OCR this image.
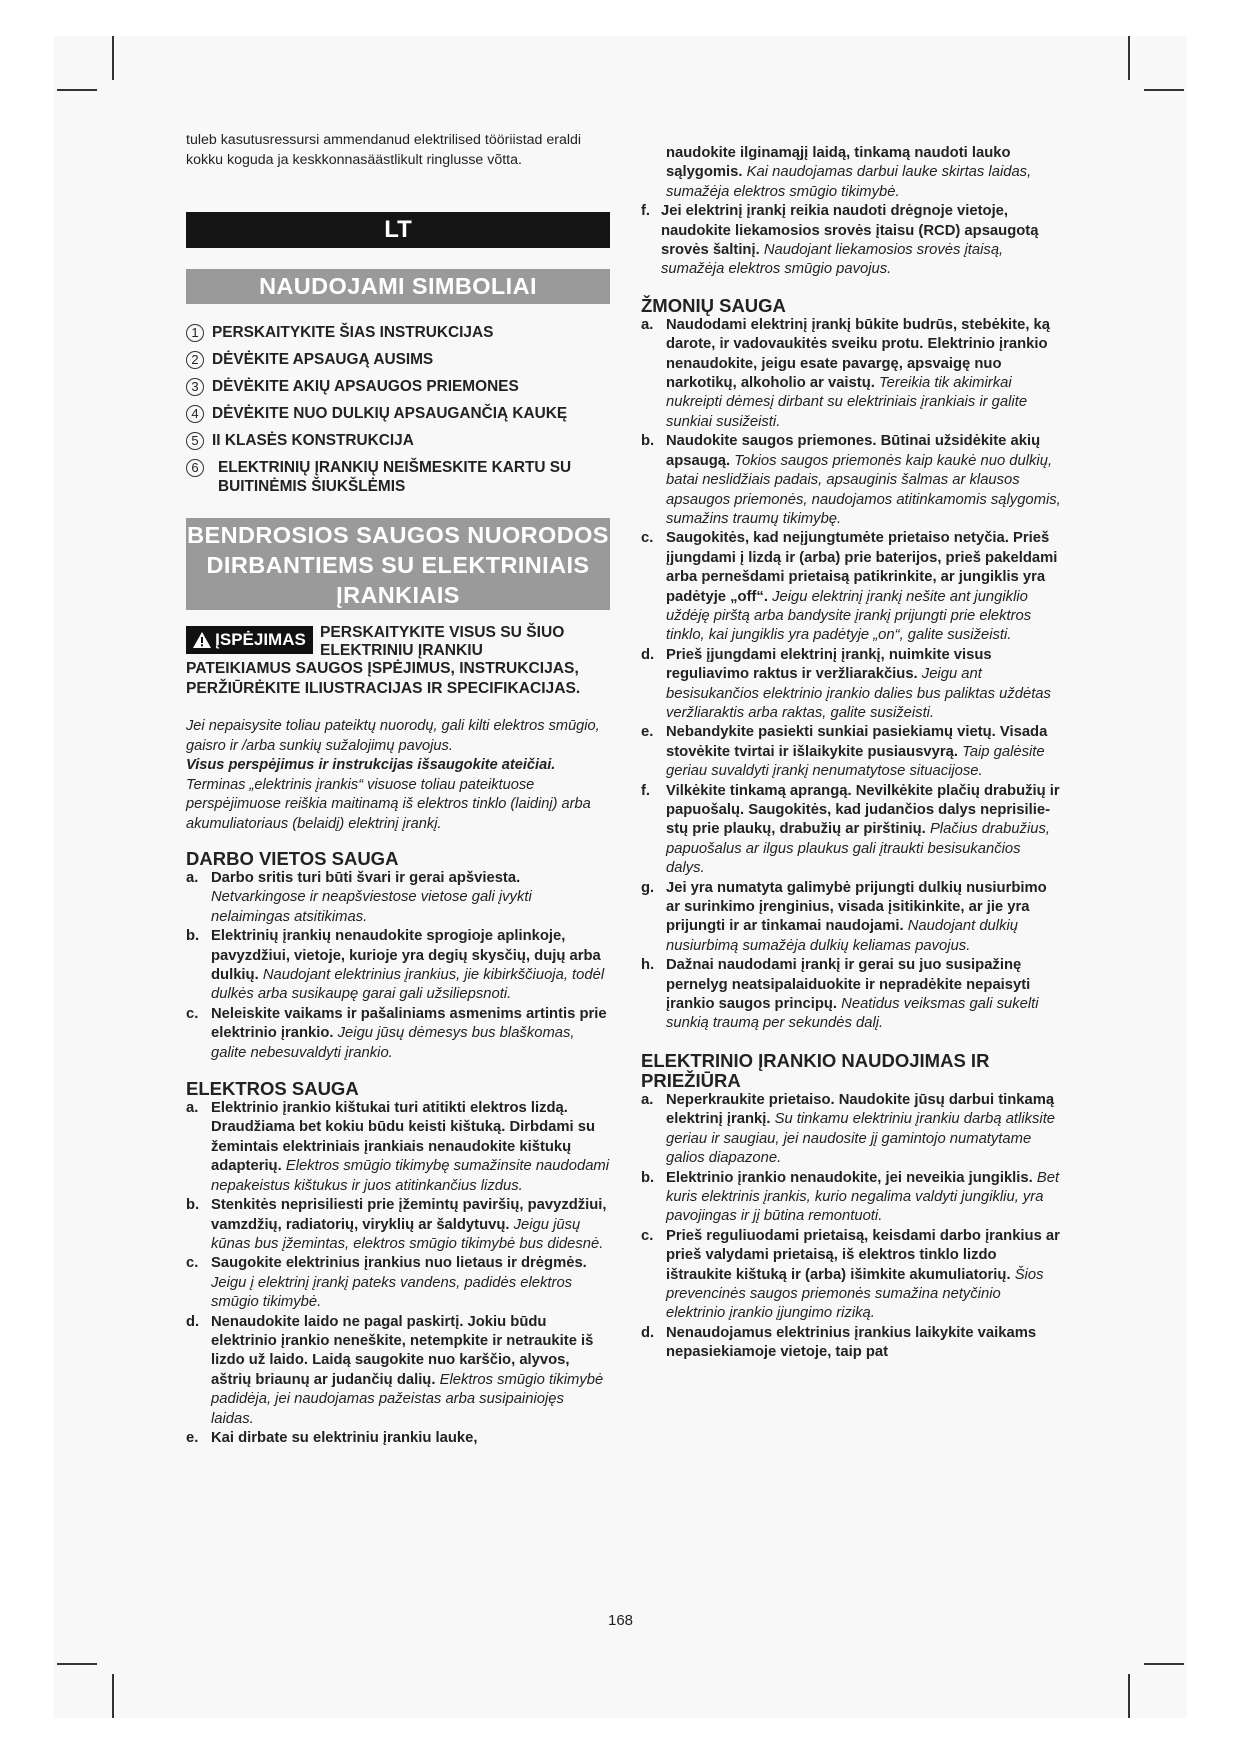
tuleb kasutusressursi ammendanud elektrilised tööriistad eraldi kokku koguda ja keskkonnasäästlikult ringlusse võtta.

LT
NAUDOJAMI SIMBOLIAI
1 PERSKAITYKITE ŠIAS INSTRUKCIJAS
2 DĖVĖKITE APSAUGĄ AUSIMS
3 DĖVĖKITE AKIŲ APSAUGOS PRIEMONES
4 DĖVĖKITE NUO DULKIŲ APSAUGANČIĄ KAUKĘ
5 II KLASĖS KONSTRUKCIJA
6	ELEKTRINIŲ ĮRANKIŲ NEIŠMESKITE KARTU SU BUITINĖMIS ŠIUKŠLĖMIS
BENDROSIOS SAUGOS NUORODOS DIRBANTIEMS SU ELEKTRINIAIS ĮRANKIAIS
ĮSPĖJIMAS PERSKAITYKITE VISUS SU ŠIUO ELEKTRINIU ĮRANKIU

PATEIKIAMUS SAUGOS ĮSPĖJIMUS, INSTRUKCIJAS, PERŽIŪRĖKITE ILIUSTRACIJAS IR SPECIFIKACIJAS.

Jei nepaisysite toliau pateiktų nuorodų, gali kilti elektros smūgio, gaisro ir /arba sunkių sužalojimų pavojus.

Visus perspėjimus ir instrukcijas išsaugokite ateičiai. Terminas „elektrinis įrankis“ visuose toliau pateiktuose perspėjimuose reiškia maitinamą iš elektros tinklo (laidinį) arba akumuliatoriaus (belaidį) elektrinį įrankį.

DARBO VIETOS SAUGA
a. Darbo sritis turi būti švari ir gerai apšviesta. Netvarkingose ir neapšviestose vietose gali įvykti nelaimingas atsitikimas.
b. Elektrinių įrankių nenaudokite sprogioje aplinkoje, pavyzdžiui, vietoje, kurioje yra degių skysčių, dujų arba dulkių. Naudojant elektrinius įrankius, jie kibirkščiuoja, todėl dulkės arba susikaupę garai gali užsiliepsnoti.
c. Neleiskite vaikams ir pašaliniams asmenims artintis prie elektrinio įrankio. Jeigu jūsų dėmesys bus blaškomas, galite nebesuvaldyti įrankio.
ELEKTROS SAUGA
a. Elektrinio įrankio kištukai turi atitikti elektros lizdą. Draudžiama bet kokiu būdu keisti kištuką. Dirbdami su žemintais elektriniais įrankiais nenaudokite kištukų adapterių. Elektros smūgio tikimybę sumažinsite naudodami nepakeistus kištukus ir juos atitinkančius lizdus.
b. Stenkitės neprisiliesti prie įžemintų paviršių, pavyzdžiui, vamzdžių, radiatorių, viryklių ar šaldytuvų. Jeigu jūsų kūnas bus įžemintas, elektros smūgio tikimybė bus didesnė.
c. Saugokite elektrinius įrankius nuo lietaus ir drėgmės. Jeigu į elektrinį įrankį pateks vandens, padidės elektros smūgio tikimybė.
d. Nenaudokite laido ne pagal paskirtį. Jokiu būdu elektrinio įrankio neneškite, netempkite ir netraukite iš lizdo už laido. Laidą saugokite nuo karščio, alyvos, aštrių briaunų ar judančių dalių. Elektros smūgio tikimybė padidėja, jei naudojamas pažeistas arba susipainiojęs laidas.
e. Kai dirbate su elektriniu įrankiu lauke,
naudokite ilginamąjį laidą, tinkamą naudoti lauko sąlygomis. Kai naudojamas darbui lauke skirtas laidas, sumažėja elektros smūgio tikimybė.
f. Jei elektrinį įrankį reikia naudoti drėgnoje vietoje, naudokite liekamosios srovės įtaisu (RCD) apsaugotą srovės šaltinį. Naudojant liekamosios srovės įtaisą, sumažėja elektros smūgio pavojus.
ŽMONIŲ SAUGA
a. Naudodami elektrinį įrankį būkite budrūs, stebėkite, ką darote, ir vadovaukitės sveiku protu. Elektrinio įrankio nenaudokite, jeigu esate pavargę, apsvaigę nuo narkotikų, alkoholio ar vaistų. Tereikia tik akimirkai nukreipti dėmesį dirbant su elektriniais įrankiais ir galite sunkiai susižeisti.
b. Naudokite saugos priemones. Būtinai užsidėkite akių apsaugą. Tokios saugos priemonės kaip kaukė nuo dulkių, batai neslidžiais padais, apsauginis šalmas ar klausos apsaugos priemonės, naudojamos atitinkamomis sąlygomis, sumažins traumų tikimybę.
c. Saugokitės, kad neįjungtumėte prietaiso netyčia. Prieš įjungdami į lizdą ir (arba) prie baterijos, prieš pakeldami arba pernešdami prietaisą patikrinkite, ar jungiklis yra padėtyje „off“. Jeigu elektrinį įrankį nešite ant jungiklio uždėję pirštą arba bandysite įrankį prijungti prie elektros tinklo, kai jungiklis yra padėtyje „on“, galite susižeisti.
d. Prieš įjungdami elektrinį įrankį, nuimkite visus reguliavimo raktus ir veržliarakčius. Jeigu ant besisukančios elektrinio įrankio dalies bus paliktas uždėtas veržliaraktis arba raktas, galite susižeisti.
e. Nebandykite pasiekti sunkiai pasiekiamų vietų. Visada stovėkite tvirtai ir išlaikykite pusiausvyrą. Taip galėsite geriau suvaldyti įrankį nenumatytose situacijose.
f.	Vilkėkite tinkamą aprangą. Nevilkėkite plačių drabužių ir papuošalų. Saugokitės, kad judančios dalys neprisiliestų prie plaukų, drabužių ar pirštinių. Plačius drabužius, papuošalus ar ilgus plaukus gali įtraukti besisukančios dalys.
g. Jei yra numatyta galimybė prijungti dulkių nusiurbimo ar surinkimo įrenginius, visada įsitikinkite, ar jie yra prijungti ir ar tinkamai naudojami. Naudojant dulkių nusiurbimą sumažėja dulkių keliamas pavojus.
h. Dažnai naudodami įrankį ir gerai su juo susipažinę pernelyg neatsipalaiduokite ir nepradėkite nepaisyti įrankio saugos principų. Neatidus veiksmas gali sukelti sunkią traumą per sekundės dalį.
ELEKTRINIO ĮRANKIO NAUDOJIMAS IR PRIEŽIŪRA
a. Neperkraukite prietaiso. Naudokite jūsų darbui tinkamą elektrinį įrankį. Su tinkamu elektriniu įrankiu darbą atliksite geriau ir saugiau, jei naudosite jį gamintojo numatytame galios diapazone.
b. Elektrinio įrankio nenaudokite, jei neveikia jungiklis. Bet kuris elektrinis įrankis, kurio negalima valdyti jungikliu, yra pavojingas ir jį būtina remontuoti.
c. Prieš reguliuodami prietaisą, keisdami darbo įrankius ar prieš valydami prietaisą, iš elektros tinklo lizdo ištraukite kištuką ir (arba) išimkite akumuliatorių. Šios prevencinės saugos priemonės sumažina netyčinio elektrinio įrankio įjungimo riziką.
d. Nenaudojamus elektrinius įrankius laikykite vaikams nepasiekiamoje vietoje, taip pat
168
